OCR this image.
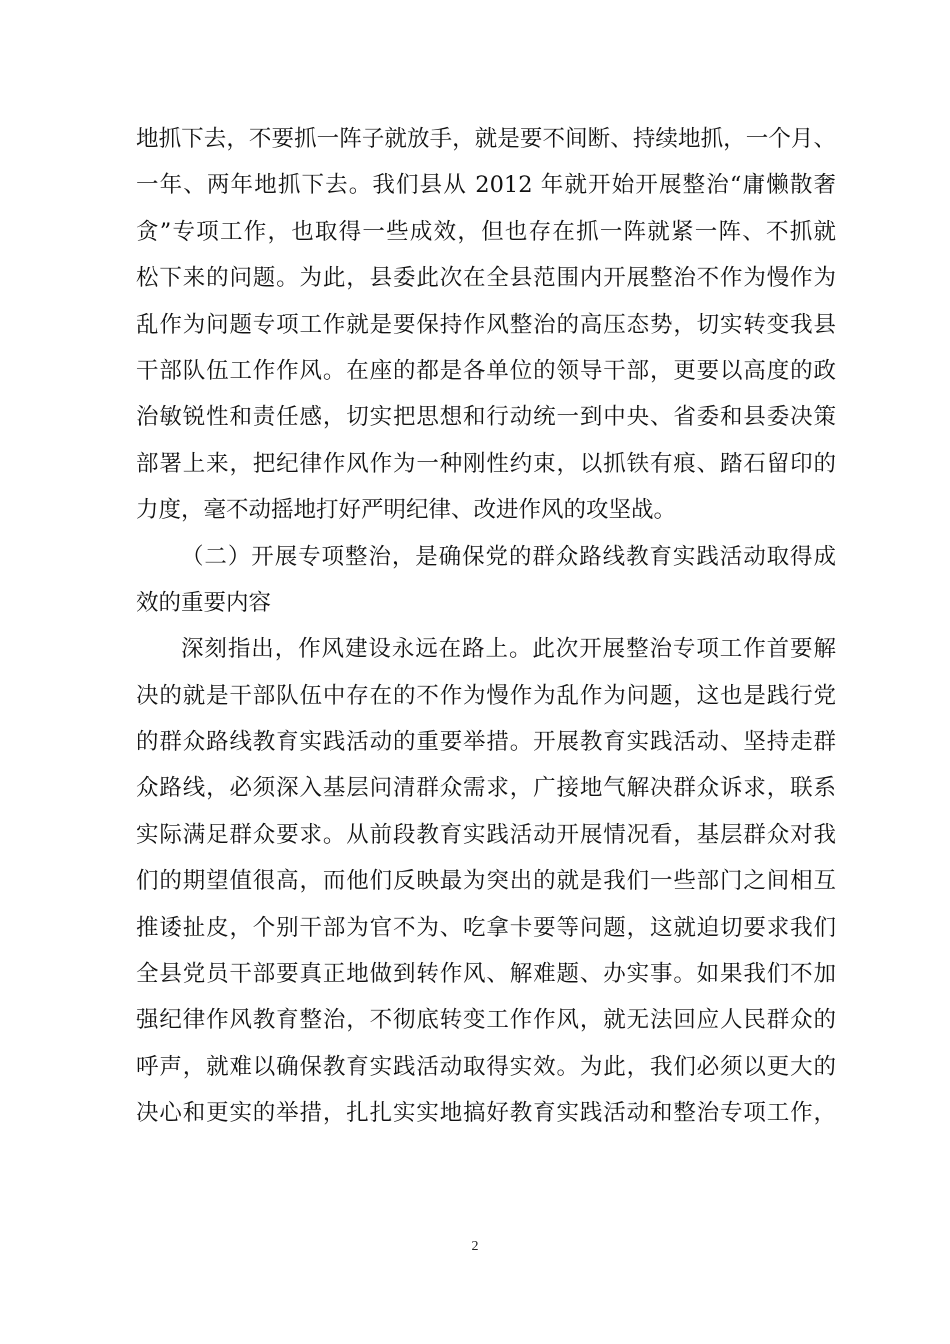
地抓下去，不要抓一阵子就放手，就是要不间断、持续地抓，一个月、
一年、两年地抓下去。我们县从 2012 年就开始开展整治“庸懒散奢
贪”专项工作，也取得一些成效，但也存在抓一阵就紧一阵、不抓就
松下来的问题。为此，县委此次在全县范围内开展整治不作为慢作为
乱作为问题专项工作就是要保持作风整治的高压态势，切实转变我县
干部队伍工作作风。在座的都是各单位的领导干部，更要以高度的政
治敏锐性和责任感，切实把思想和行动统一到中央、省委和县委决策
部署上来，把纪律作风作为一种刚性约束，以抓铁有痕、踏石留印的
力度，毫不动摇地打好严明纪律、改进作风的攻坚战。
（二）开展专项整治，是确保党的群众路线教育实践活动取得成
效的重要内容
深刻指出，作风建设永远在路上。此次开展整治专项工作首要解
决的就是干部队伍中存在的不作为慢作为乱作为问题，这也是践行党
的群众路线教育实践活动的重要举措。开展教育实践活动、坚持走群
众路线，必须深入基层问清群众需求，广接地气解决群众诉求，联系
实际满足群众要求。从前段教育实践活动开展情况看，基层群众对我
们的期望值很高，而他们反映最为突出的就是我们一些部门之间相互
推诿扯皮，个别干部为官不为、吃拿卡要等问题，这就迫切要求我们
全县党员干部要真正地做到转作风、解难题、办实事。如果我们不加
强纪律作风教育整治，不彻底转变工作作风，就无法回应人民群众的
呼声，就难以确保教育实践活动取得实效。为此，我们必须以更大的
决心和更实的举措，扎扎实实地搞好教育实践活动和整治专项工作，
2
